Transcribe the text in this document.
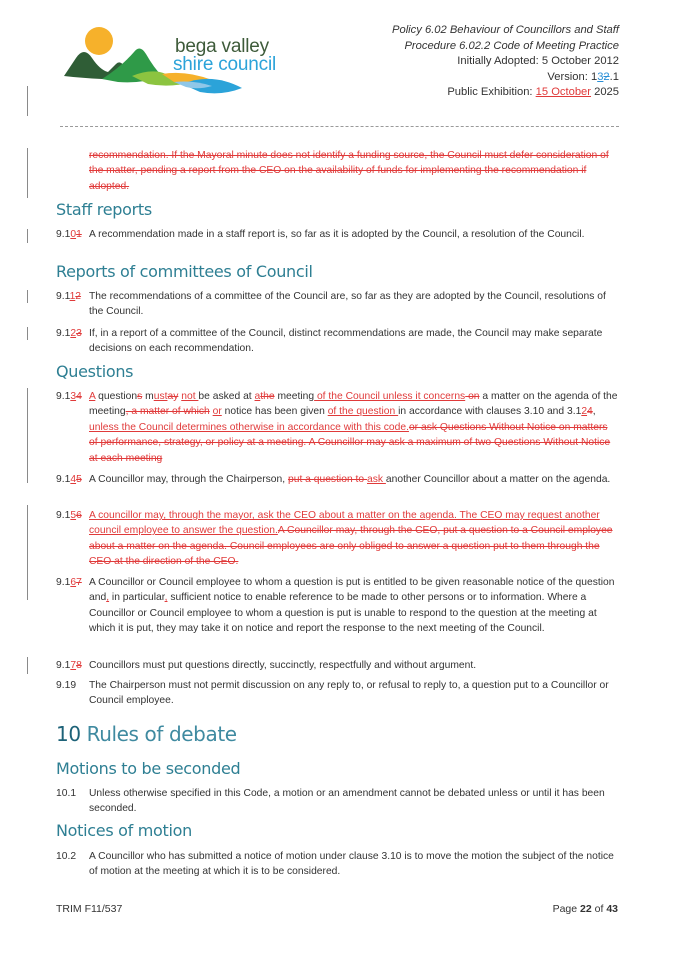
bega valley
shire council
Policy 6.02 Behaviour of Councillors and Staff
Procedure 6.02.2 Code of Meeting Practice
Initially Adopted: 5 October 2012
Version: 132.1
Public Exhibition: 15 October 2025
recommendation. If the Mayoral minute does not identify a funding source, the Council must defer consideration of the matter, pending a report from the CEO on the availability of funds for implementing the recommendation if adopted.
Staff reports
9.101 A recommendation made in a staff report is, so far as it is adopted by the Council, a resolution of the Council.
Reports of committees of Council
9.112 The recommendations of a committee of the Council are, so far as they are adopted by the Council, resolutions of the Council.
9.123 If, in a report of a committee of the Council, distinct recommendations are made, the Council may make separate decisions on each recommendation.
Questions
9.134 A questions mustay not be asked at athe meeting of the Council unless it concerns on a matter on the agenda of the meeting, a matter of which or notice has been given of the question in accordance with clauses 3.10 and 3.124, unless the Council determines otherwise in accordance with this code.or ask Questions Without Notice on matters of performance, strategy, or policy at a meeting. A Councillor may ask a maximum of two Questions Without Notice at each meeting
9.145 A Councillor may, through the Chairperson, put a question to ask another Councillor about a matter on the agenda.
9.156 A councillor may, through the mayor, ask the CEO about a matter on the agenda. The CEO may request another council employee to answer the question.A Councillor may, through the CEO, put a question to a Council employee about a matter on the agenda. Council employees are only obliged to answer a question put to them through the CEO at the direction of the CEO.
9.167 A Councillor or Council employee to whom a question is put is entitled to be given reasonable notice of the question and, in particular, sufficient notice to enable reference to be made to other persons or to information. Where a Councillor or Council employee to whom a question is put is unable to respond to the question at the meeting at which it is put, they may take it on notice and report the response to the next meeting of the Council.
9.178 Councillors must put questions directly, succinctly, respectfully and without argument.
9.19	The Chairperson must not permit discussion on any reply to, or refusal to reply to, a question put to a Councillor or Council employee.
10 Rules of debate
Motions to be seconded
10.1	Unless otherwise specified in this Code, a motion or an amendment cannot be debated unless or until it has been seconded.
Notices of motion
10.2	A Councillor who has submitted a notice of motion under clause 3.10 is to move the motion the subject of the notice of motion at the meeting at which it is to be considered.
TRIM F11/537	Page 22 of 43
